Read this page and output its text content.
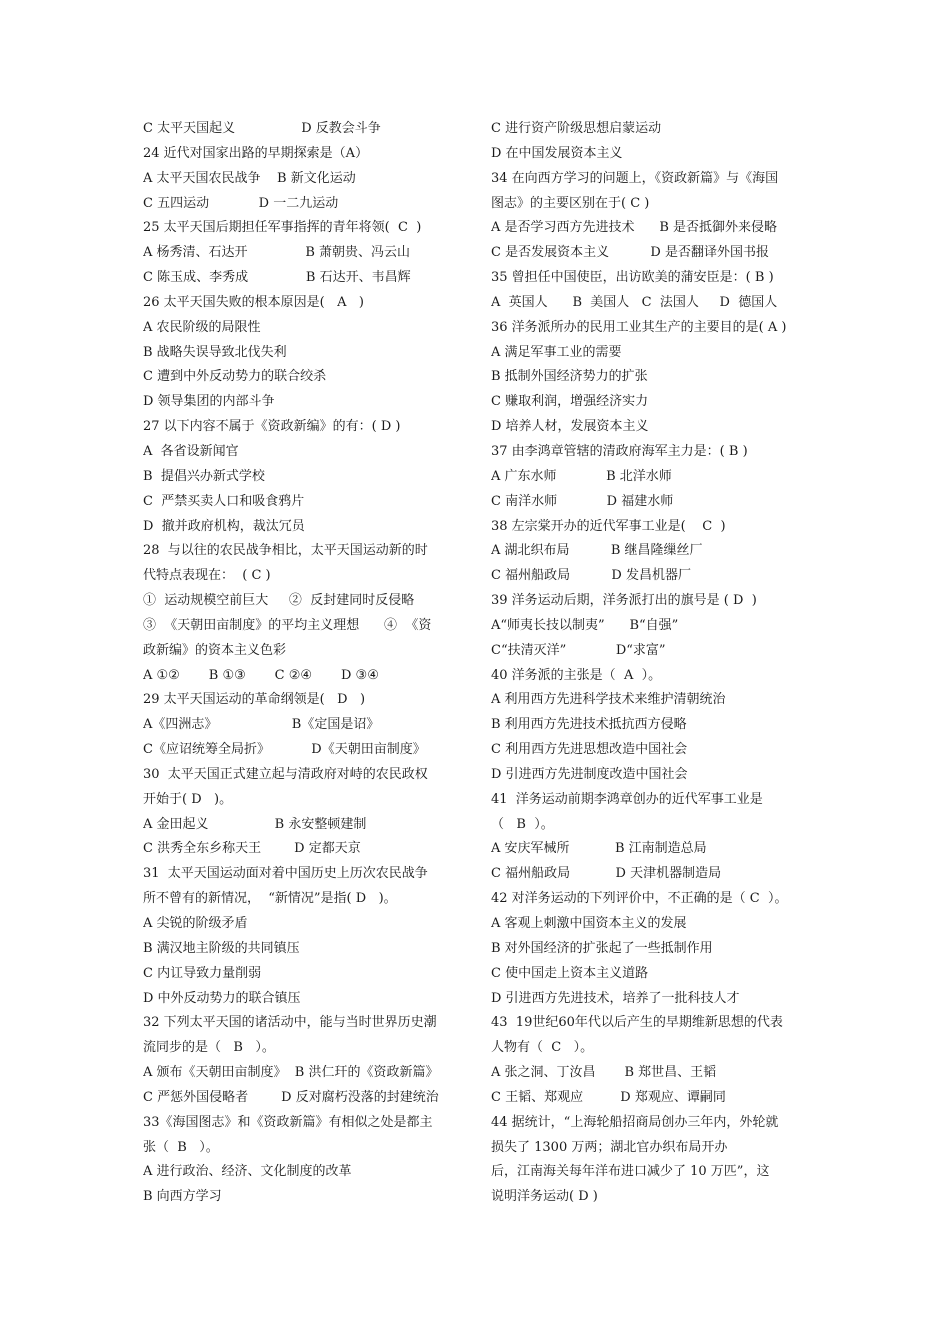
C 太平天国起义                D 反教会斗争
24 近代对国家出路的早期探索是（A）
A 太平天国农民战争    B 新文化运动
C 五四运动            D 一二九运动
25 太平天国后期担任军事指挥的青年将领(  C  )
A 杨秀清、石达开              B 萧朝贵、冯云山
C 陈玉成、李秀成              B 石达开、韦昌辉
26 太平天国失败的根本原因是(   A   )
A 农民阶级的局限性
B 战略失误导致北伐失利
C 遭到中外反动势力的联合绞杀
D 领导集团的内部斗争
27 以下内容不属于《资政新编》的有：( D )
A  各省设新闻官
B  提倡兴办新式学校
C  严禁买卖人口和吸食鸦片
D  撤并政府机构，裁汰冗员
28  与以往的农民战争相比，太平天国运动新的时
代特点表现在：  ( C )
①  运动规模空前巨大     ②  反封建同时反侵略
③  《天朝田亩制度》的平均主义理想      ④  《资
政新编》的资本主义色彩
A ①②       B ①③       C ②④       D ③④
29 太平天国运动的革命纲领是(   D   )
A《四洲志》                  B《定国是诏》
C《应诏统筹全局折》          D《天朝田亩制度》
30  太平天国正式建立起与清政府对峙的农民政权
开始于( D   )。
A 金田起义                B 永安整顿建制
C 洪秀全东乡称天王        D 定都天京
31  太平天国运动面对着中国历史上历次农民战争
所不曾有的新情况，  “新情况”是指( D   )。
A 尖锐的阶级矛盾
B 满汉地主阶级的共同镇压
C 内讧导致力量削弱
D 中外反动势力的联合镇压
32 下列太平天国的诸活动中，能与当时世界历史潮
流同步的是（   B   ）。
A 颁布《天朝田亩制度》  B 洪仁玕的《资政新篇》
C 严惩外国侵略者        D 反对腐朽没落的封建统治
33《海国图志》和《资政新篇》有相似之处是都主
张（  B   ）。
A 进行政治、经济、文化制度的改革
B 向西方学习
C 进行资产阶级思想启蒙运动
D 在中国发展资本主义
34 在向西方学习的问题上，《资政新篇》与《海国
图志》的主要区别在于( C )
A 是否学习西方先进技术      B 是否抵御外来侵略
C 是否发展资本主义          D 是否翻译外国书报
35 曾担任中国使臣，出访欧美的蒲安臣是：( B )
A  英国人      B  美国人   C  法国人     D  德国人
36 洋务派所办的民用工业其生产的主要目的是( A )
A 满足军事工业的需要
B 抵制外国经济势力的扩张
C 赚取利润，增强经济实力
D 培养人材，发展资本主义
37 由李鸿章管辖的清政府海军主力是：( B )
A 广东水师            B 北洋水师
C 南洋水师            D 福建水师
38 左宗棠开办的近代军事工业是(    C  )
A 湖北织布局          B 继昌隆缫丝厂
C 福州船政局          D 发昌机器厂
39 洋务运动后期，洋务派打出的旗号是 ( D  )
A“师夷长技以制夷”      B“自强”
C“扶清灭洋”            D“求富”
40 洋务派的主张是（  A  ）。
A 利用西方先进科学技术来维护清朝统治
B 利用西方先进技术抵抗西方侵略
C 利用西方先进思想改造中国社会
D 引进西方先进制度改造中国社会
41  洋务运动前期李鸿章创办的近代军事工业是
（   B  ）。
A 安庆军械所           B 江南制造总局
C 福州船政局           D 天津机器制造局
42 对洋务运动的下列评价中，不正确的是（ C  ）。
A 客观上刺激中国资本主义的发展
B 对外国经济的扩张起了一些抵制作用
C 使中国走上资本主义道路
D 引进西方先进技术，培养了一批科技人才
43  19世纪60年代以后产生的早期维新思想的代表
人物有（  C   ）。
A 张之洞、丁汝昌       B 郑世昌、王韬
C 王韬、郑观应         D 郑观应、谭嗣同
44 据统计，“上海轮船招商局创办三年内，外轮就
损失了 1300 万两；湖北官办织布局开办
后，江南海关每年洋布进口减少了 10 万匹”，这
说明洋务运动( D )
